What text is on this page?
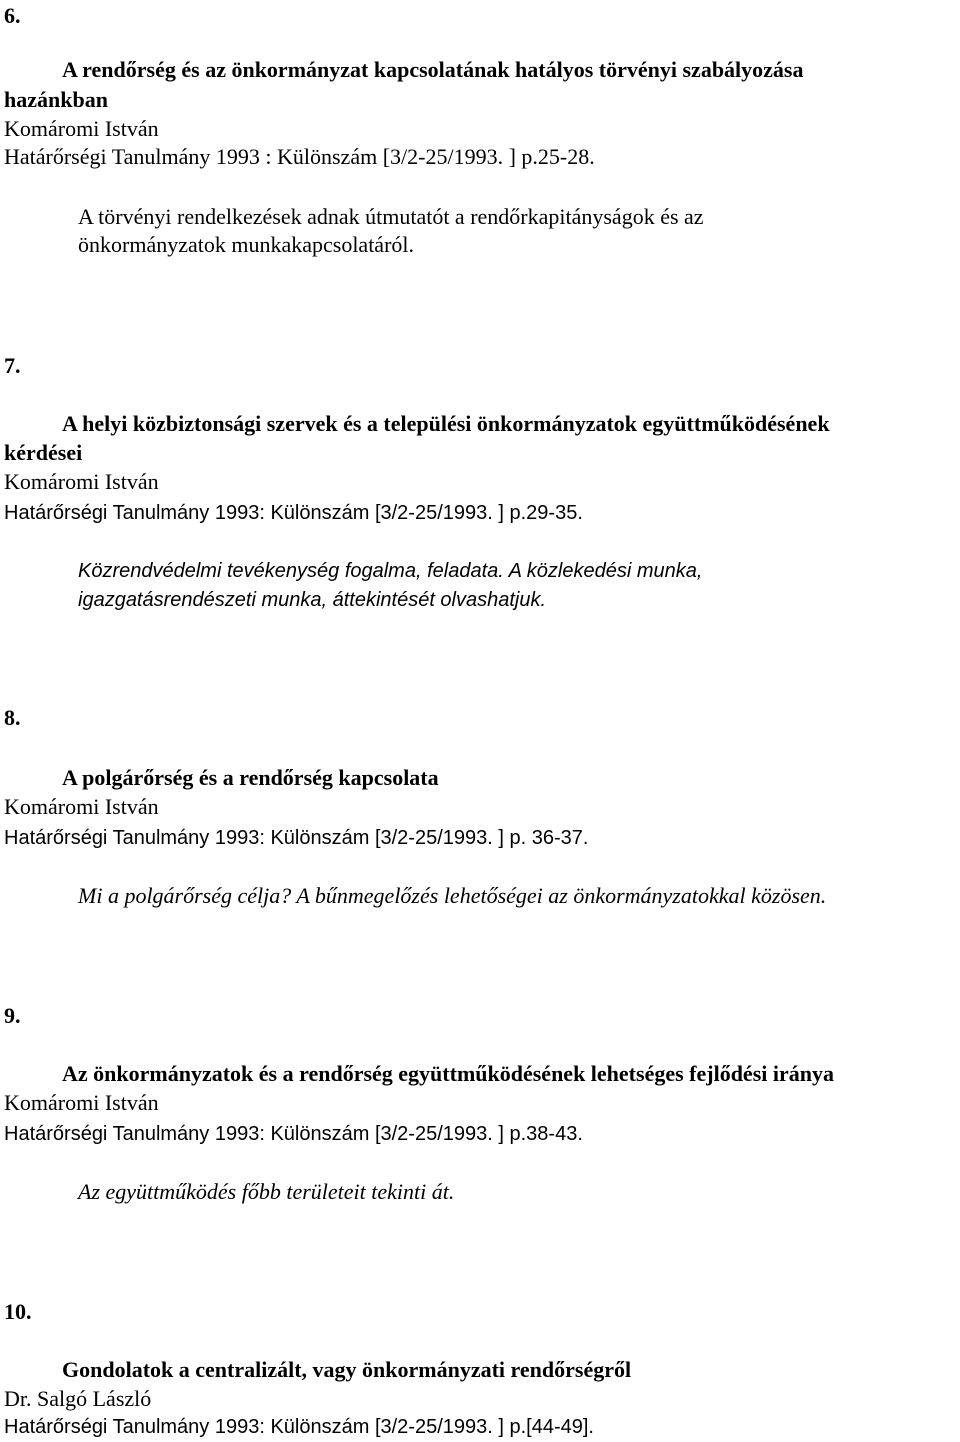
6.
A rendőrség és az önkormányzat kapcsolatának hatályos törvényi szabályozása
hazánkban
Komáromi István
Határőrségi Tanulmány 1993 : Különszám [3/2-25/1993. ] p.25-28.
A törvényi rendelkezések adnak útmutatót a rendőrkapitányságok és az
önkormányzatok munkakapcsolatáról.
7.
A helyi közbiztonsági szervek és a települési önkormányzatok együttműködésének
kérdései
Komáromi István
Határőrségi Tanulmány 1993: Különszám [3/2-25/1993. ] p.29-35.
Közrendvédelmi tevékenység fogalma, feladata. A közlekedési munka,
igazgatásrendészeti munka, áttekintését olvashatjuk.
8.
A polgárőrség és a rendőrség kapcsolata
Komáromi István
Határőrségi Tanulmány 1993: Különszám [3/2-25/1993. ] p. 36-37.
Mi a polgárőrség célja? A bűnmegelőzés lehetőségei az önkormányzatokkal közösen.
9.
Az önkormányzatok és a rendőrség együttműködésének lehetséges fejlődési iránya
Komáromi István
Határőrségi Tanulmány 1993: Különszám [3/2-25/1993. ] p.38-43.
Az együttműködés főbb területeit tekinti át.
10.
Gondolatok a centralizált, vagy önkormányzati rendőrségről
Dr. Salgó László
Határőrségi Tanulmány 1993: Különszám [3/2-25/1993. ] p.[44-49].
